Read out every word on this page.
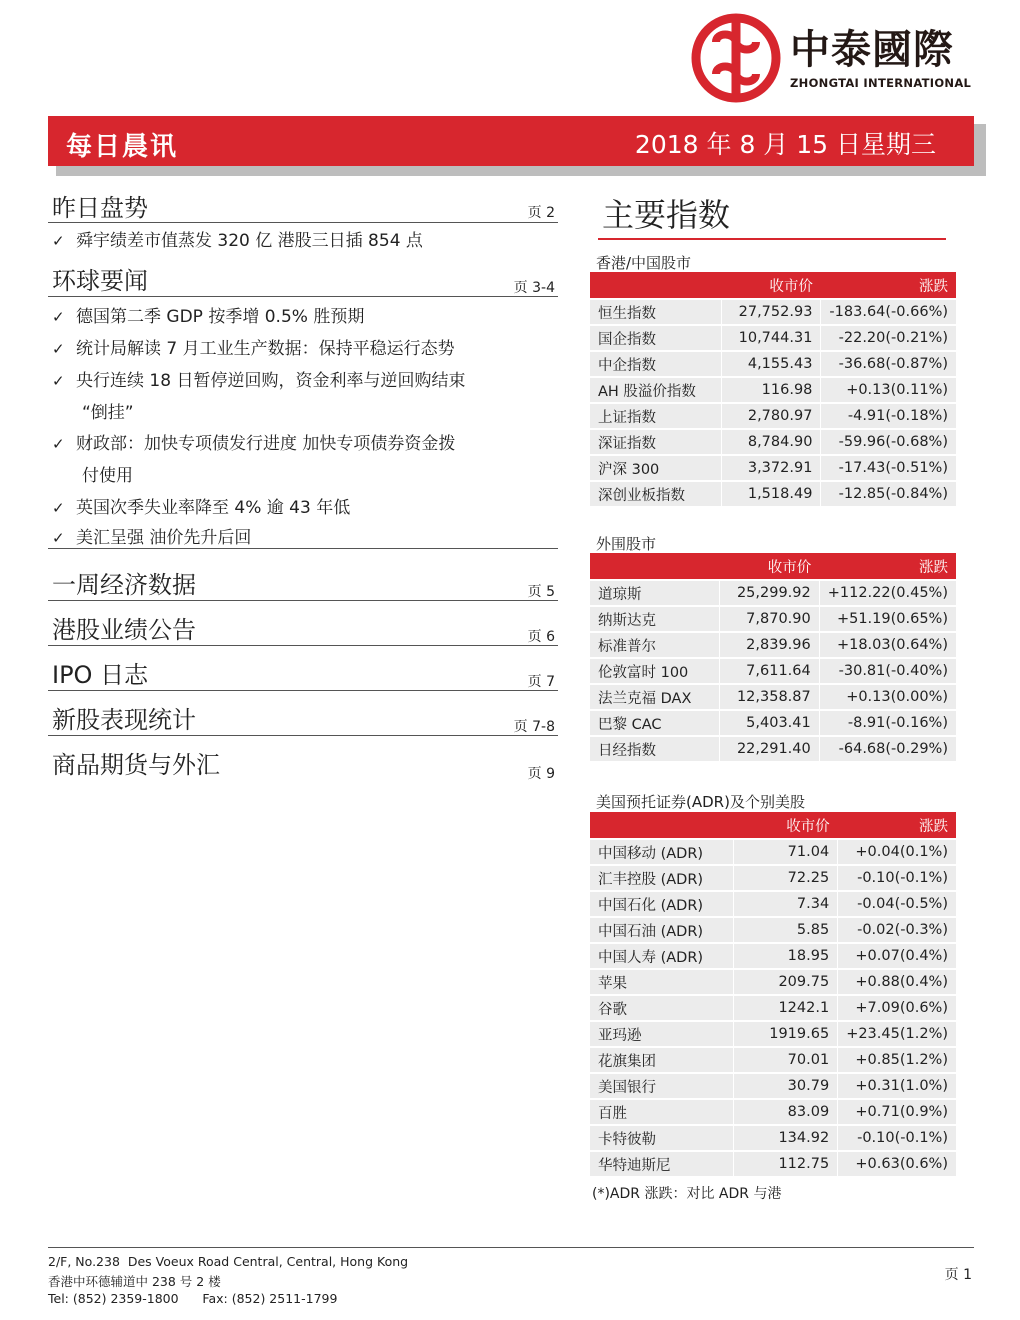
中泰國際
ZHONGTAI INTERNATIONAL
每日晨讯	2018 年 8 月 15 日星期三
昨日盘势	页 2
✓ 舜宇绩差市值蒸发 320 亿 港股三日插 854 点
环球要闻	页 3-4
✓ 德国第二季 GDP 按季增 0.5% 胜预期
✓ 统计局解读 7 月工业生产数据：保持平稳运行态势
✓ 央行连续 18 日暂停逆回购，资金利率与逆回购结束
“倒挂”
✓ 财政部：加快专项债发行进度 加快专项债券资金拨
付使用
✓ 英国次季失业率降至 4% 逾 43 年低
✓ 美汇呈强 油价先升后回
一周经济数据	页 5
港股业绩公告	页 6
IPO 日志	页 7
新股表现统计	页 7-8
商品期货与外汇	页 9
主要指数
香港/中国股市
	收市价	涨跌
恒生指数	27,752.93	-183.64(-0.66%)
国企指数	10,744.31	-22.20(-0.21%)
中企指数	4,155.43	-36.68(-0.87%)
AH 股溢价指数	116.98	+0.13(0.11%)
上证指数	2,780.97	-4.91(-0.18%)
深证指数	8,784.90	-59.96(-0.68%)
沪深 300	3,372.91	-17.43(-0.51%)
深创业板指数	1,518.49	-12.85(-0.84%)
外围股市
	收市价	涨跌
道琼斯	25,299.92	+112.22(0.45%)
纳斯达克	7,870.90	+51.19(0.65%)
标准普尔	2,839.96	+18.03(0.64%)
伦敦富时 100	7,611.64	-30.81(-0.40%)
法兰克福 DAX	12,358.87	+0.13(0.00%)
巴黎 CAC	5,403.41	-8.91(-0.16%)
日经指数	22,291.40	-64.68(-0.29%)
美国预托证券(ADR)及个别美股
	收市价	涨跌
中国移动 (ADR)	71.04	+0.04(0.1%)
汇丰控股 (ADR)	72.25	-0.10(-0.1%)
中国石化 (ADR)	7.34	-0.04(-0.5%)
中国石油 (ADR)	5.85	-0.02(-0.3%)
中国人寿 (ADR)	18.95	+0.07(0.4%)
苹果	209.75	+0.88(0.4%)
谷歌	1242.1	+7.09(0.6%)
亚玛逊	1919.65	+23.45(1.2%)
花旗集团	70.01	+0.85(1.2%)
美国银行	30.79	+0.31(1.0%)
百胜	83.09	+0.71(0.9%)
卡特彼勒	134.92	-0.10(-0.1%)
华特迪斯尼	112.75	+0.63(0.6%)
(*)ADR 涨跌：对比 ADR 与港
2/F, No.238  Des Voeux Road Central, Central, Hong Kong
香港中环德辅道中 238 号 2 楼
Tel: (852) 2359-1800      Fax: (852) 2511-1799
页 1
